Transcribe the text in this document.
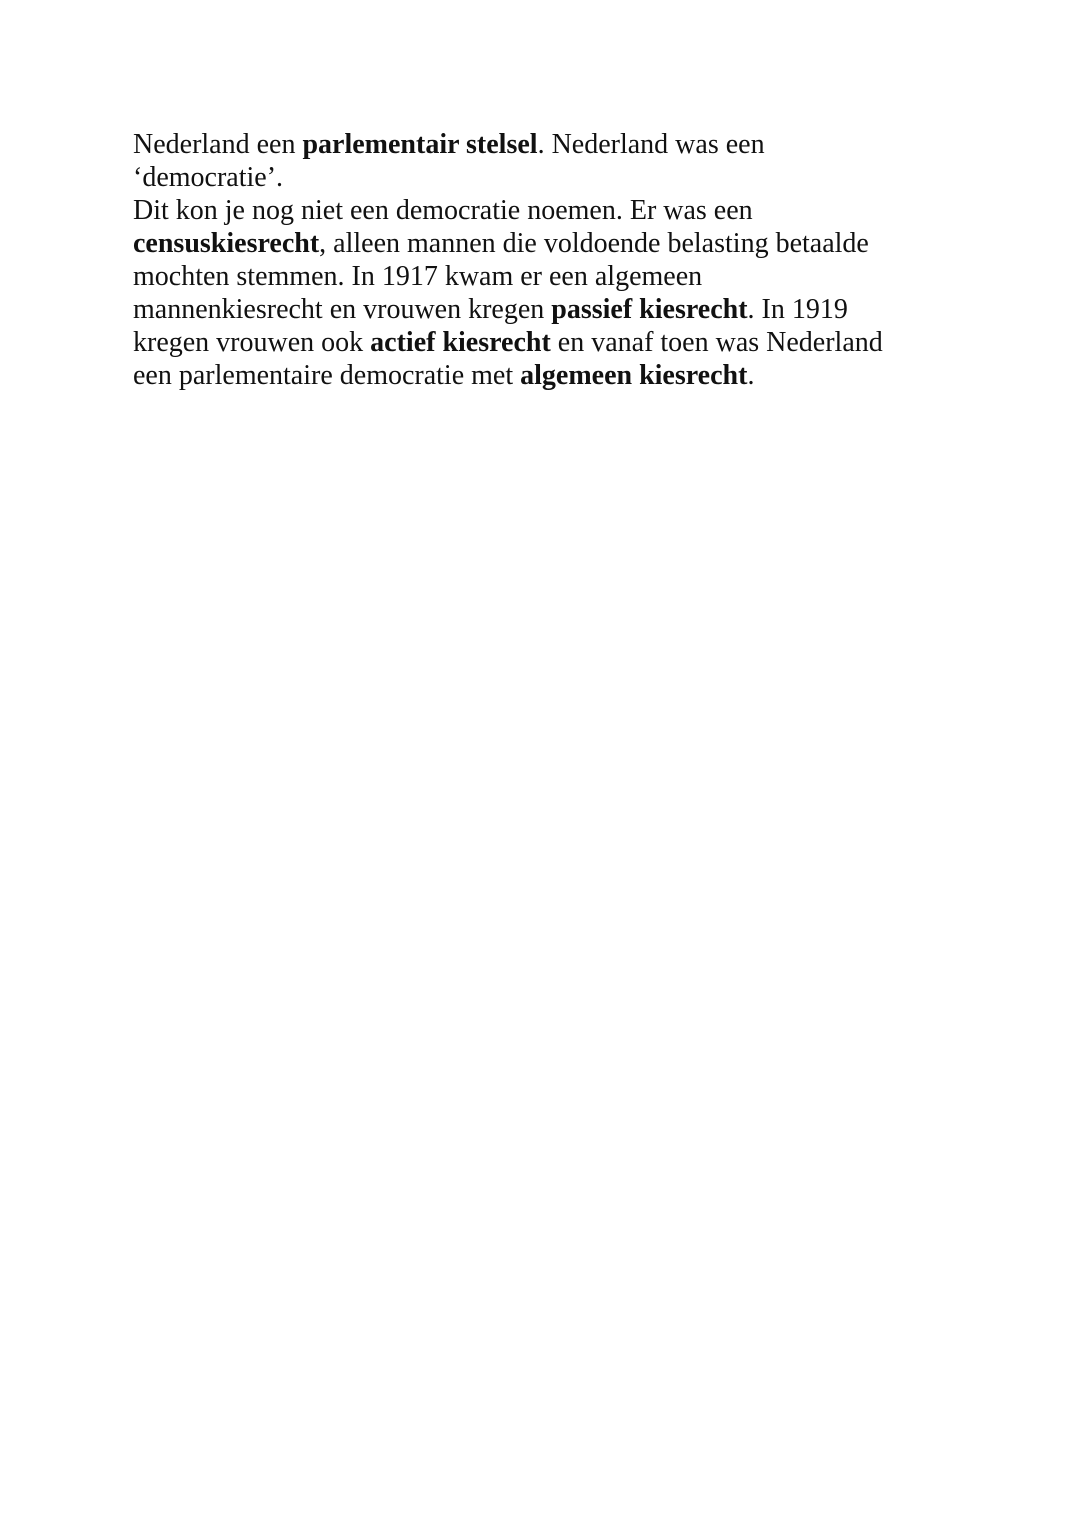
Nederland een parlementair stelsel. Nederland was een
‘democratie’.
Dit kon je nog niet een democratie noemen. Er was een
censuskiesrecht, alleen mannen die voldoende belasting betaalde
mochten stemmen. In 1917 kwam er een algemeen
mannenkiesrecht en vrouwen kregen passief kiesrecht. In 1919
kregen vrouwen ook actief kiesrecht en vanaf toen was Nederland
een parlementaire democratie met algemeen kiesrecht.
